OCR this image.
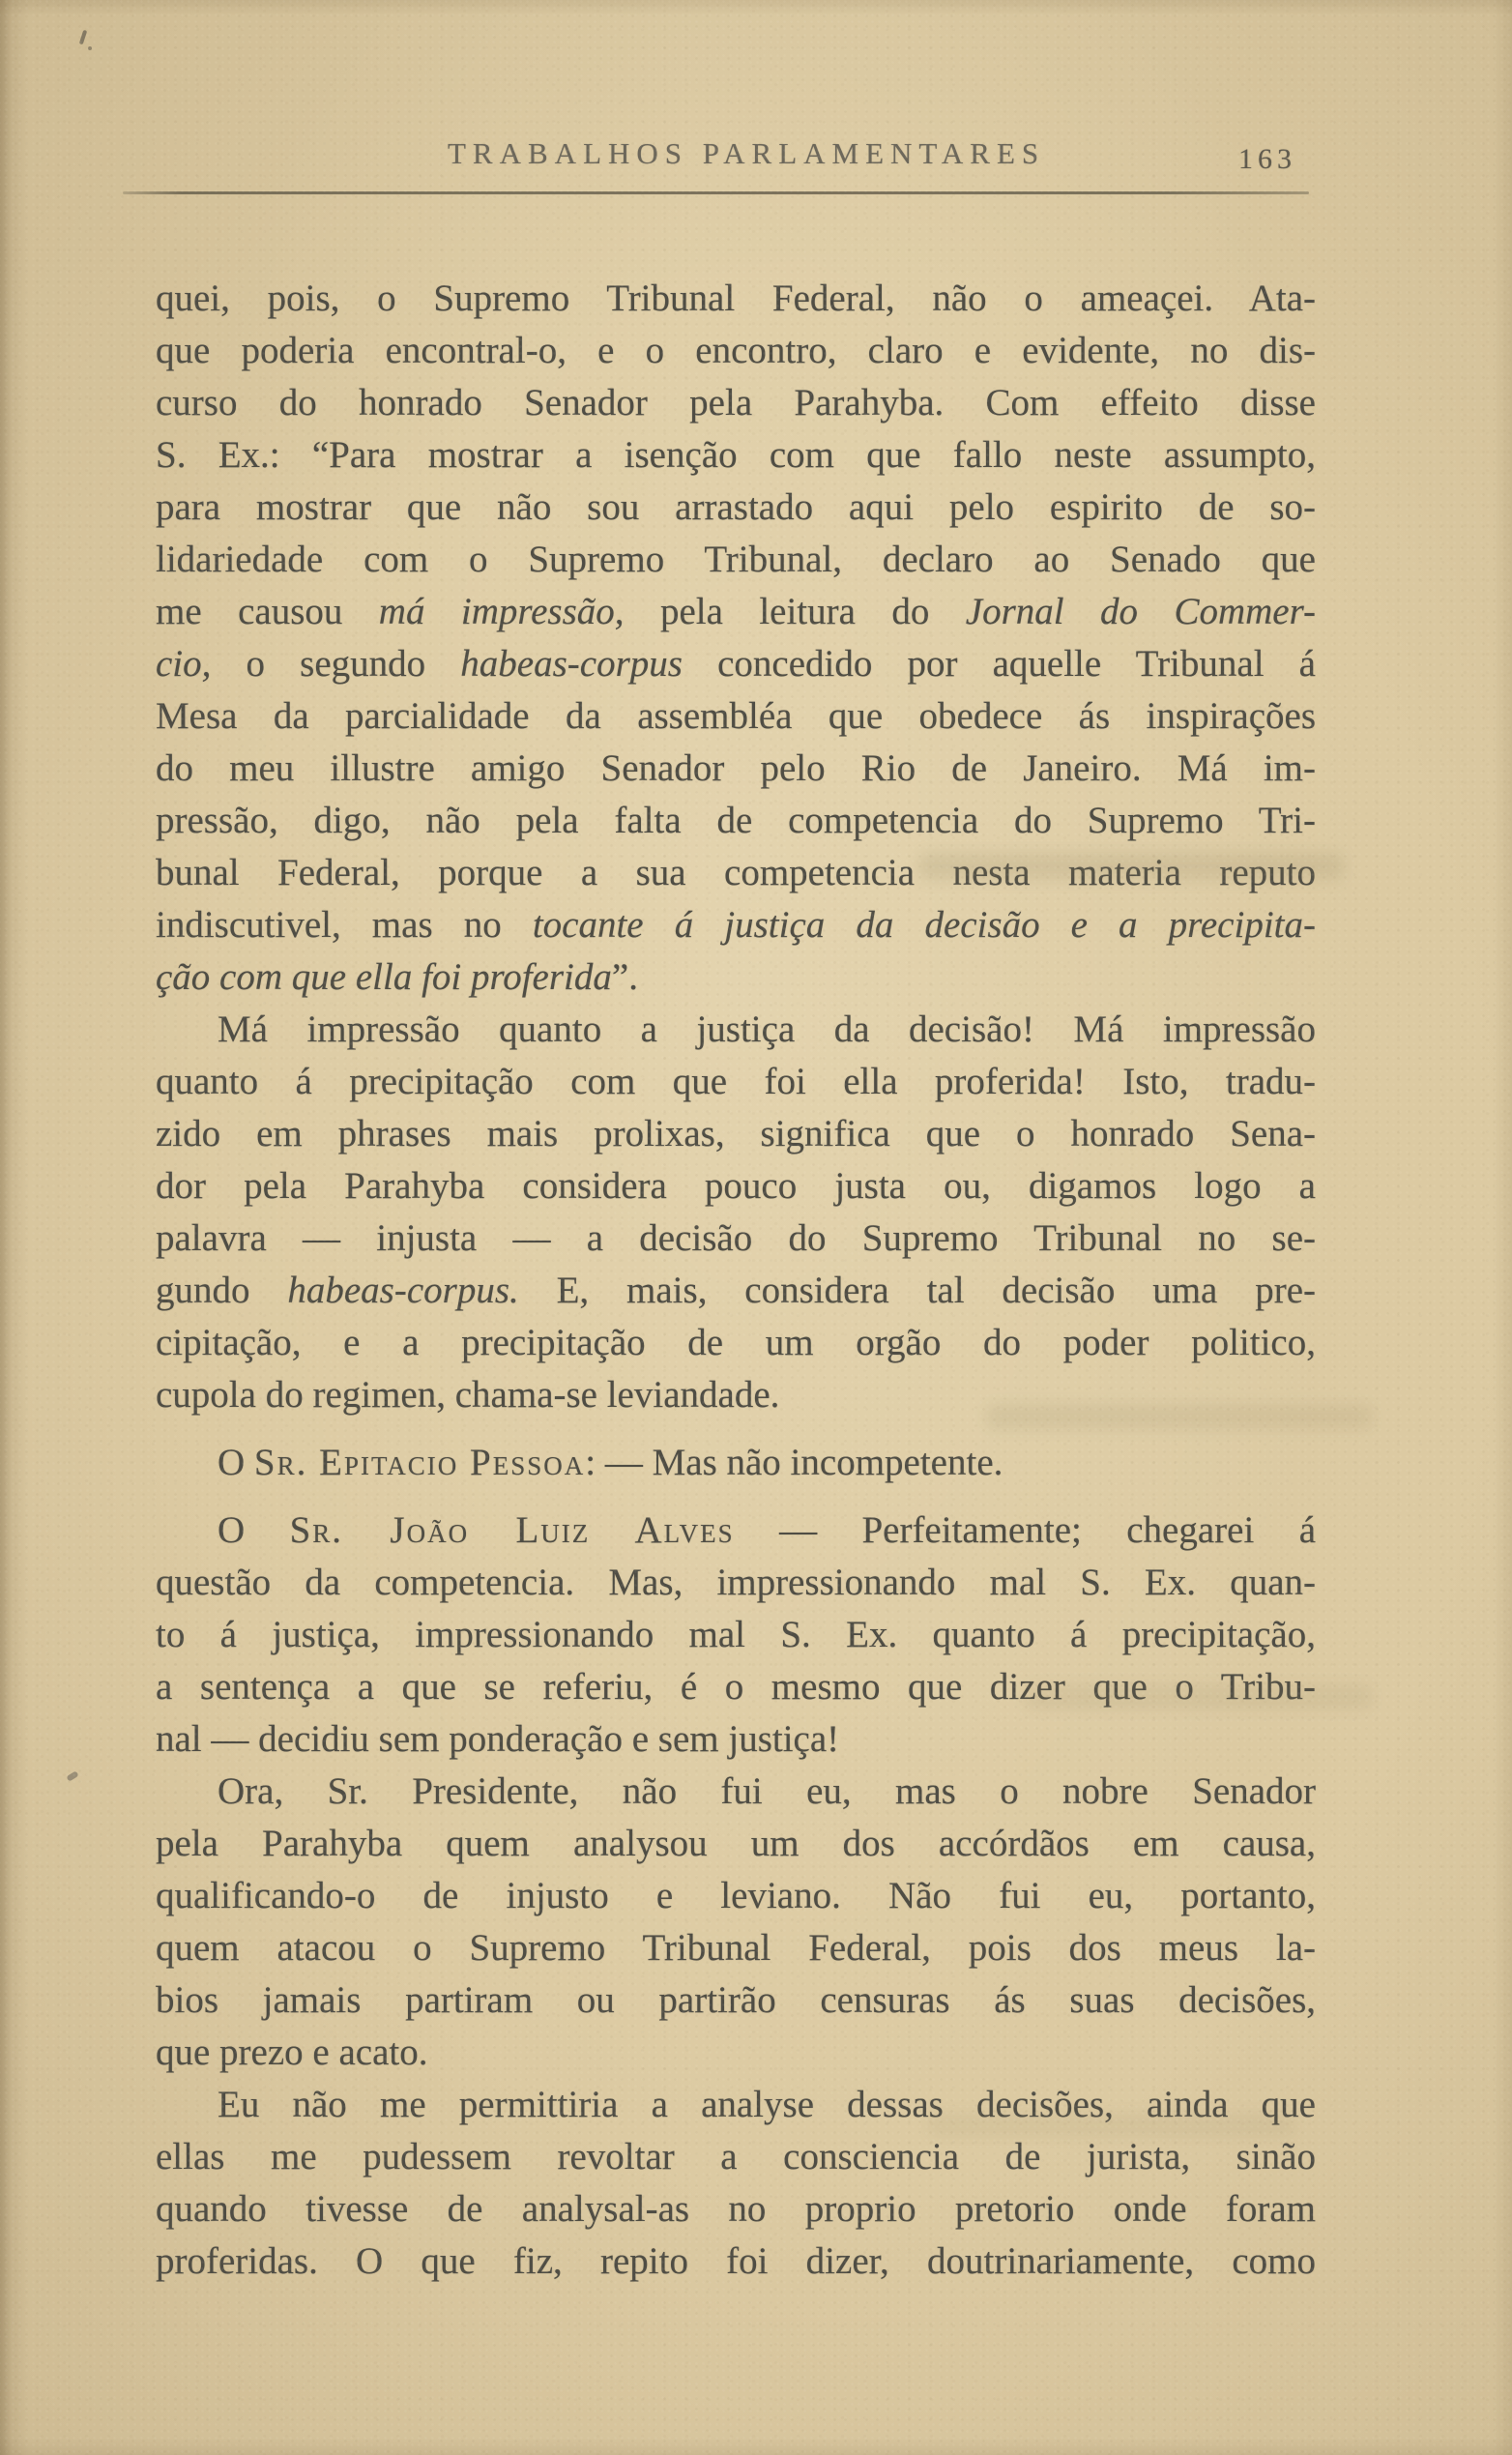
TRABALHOS PARLAMENTARES	163
quei, pois, o Supremo Tribunal Federal, não o ameaçei. Ata-
que poderia encontral-o, e o encontro, claro e evidente, no dis-
curso do honrado Senador pela Parahyba. Com effeito disse
S. Ex.: “Para mostrar a isenção com que fallo neste assumpto,
para mostrar que não sou arrastado aqui pelo espirito de so-
lidariedade com o Supremo Tribunal, declaro ao Senado que
me causou má impressão, pela leitura do Jornal do Commer-
cio, o segundo habeas-corpus concedido por aquelle Tribunal á
Mesa da parcialidade da assembléa que obedece ás inspirações
do meu illustre amigo Senador pelo Rio de Janeiro. Má im-
pressão, digo, não pela falta de competencia do Supremo Tri-
bunal Federal, porque a sua competencia nesta materia reputo
indiscutivel, mas no tocante á justiça da decisão e a precipita-
ção com que ella foi proferida”.
Má impressão quanto a justiça da decisão! Má impressão
quanto á precipitação com que foi ella proferida! Isto, tradu-
zido em phrases mais prolixas, significa que o honrado Sena-
dor pela Parahyba considera pouco justa ou, digamos logo a
palavra — injusta — a decisão do Supremo Tribunal no se-
gundo habeas-corpus. E, mais, considera tal decisão uma pre-
cipitação, e a precipitação de um orgão do poder politico,
cupola do regimen, chama-se leviandade.
O Sr. Epitacio Pessoa: — Mas não incompetente.
O Sr. João Luiz Alves — Perfeitamente; chegarei á
questão da competencia. Mas, impressionando mal S. Ex. quan-
to á justiça, impressionando mal S. Ex. quanto á precipitação,
a sentença a que se referiu, é o mesmo que dizer que o Tribu-
nal — decidiu sem ponderação e sem justiça!
Ora, Sr. Presidente, não fui eu, mas o nobre Senador
pela Parahyba quem analysou um dos accórdãos em causa,
qualificando-o de injusto e leviano. Não fui eu, portanto,
quem atacou o Supremo Tribunal Federal, pois dos meus la-
bios jamais partiram ou partirão censuras ás suas decisões,
que prezo e acato.
Eu não me permittiria a analyse dessas decisões, ainda que
ellas me pudessem revoltar a consciencia de jurista, sinão
quando tivesse de analysal-as no proprio pretorio onde foram
proferidas. O que fiz, repito foi dizer, doutrinariamente, como
